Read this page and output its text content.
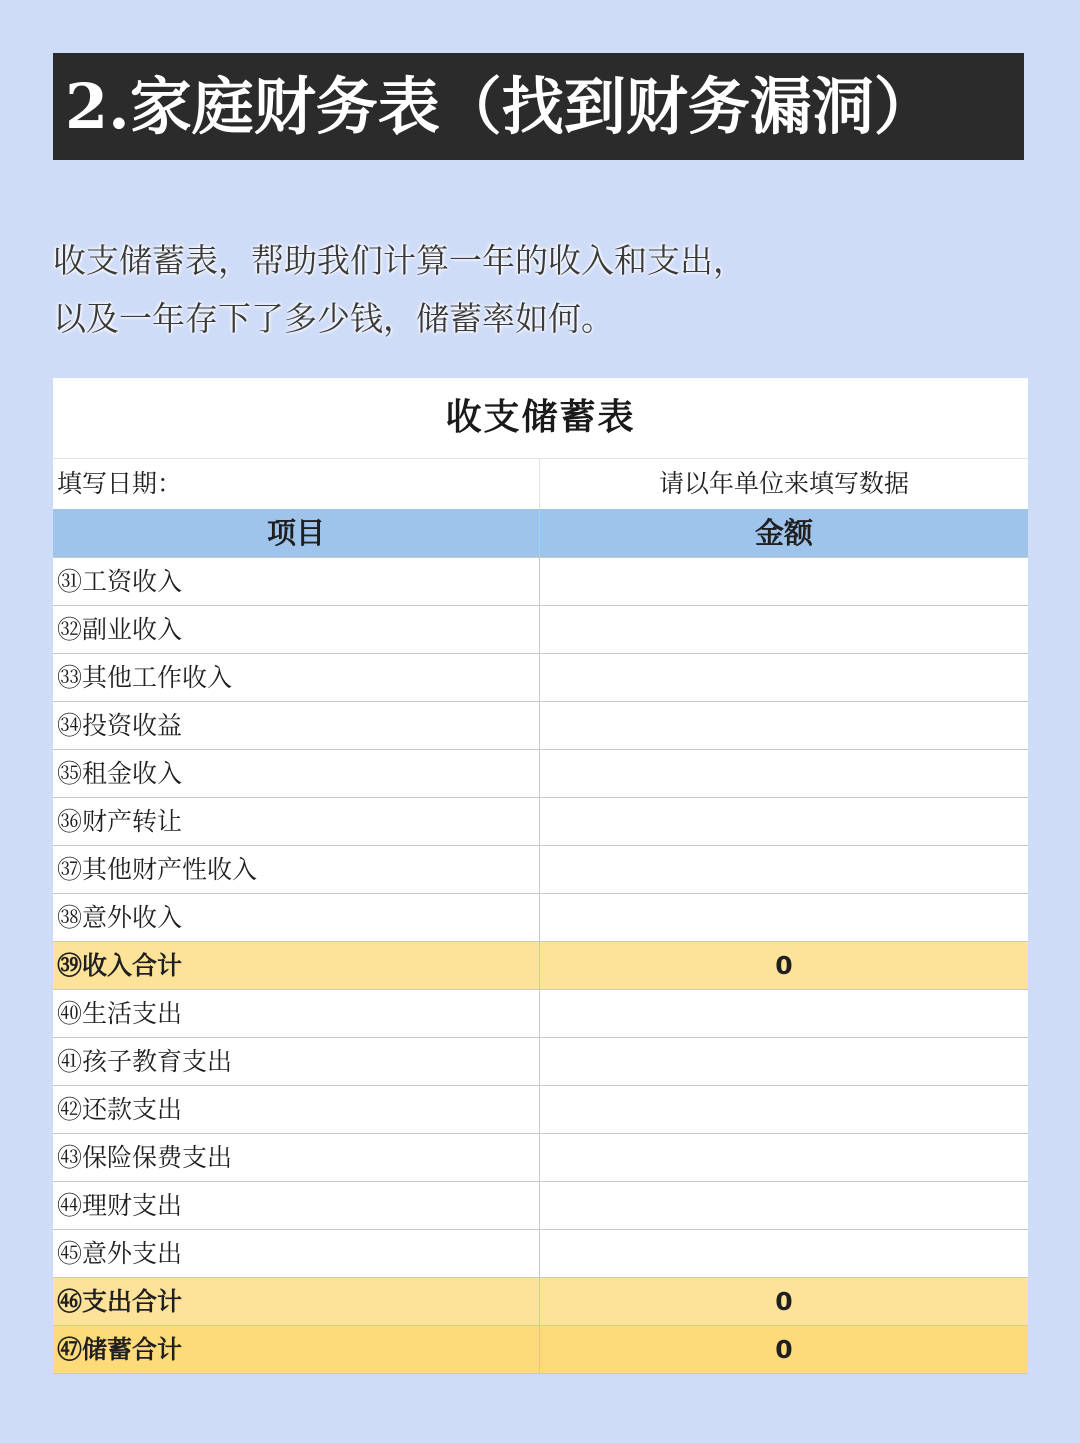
2.家庭财务表（找到财务漏洞）
收支储蓄表，帮助我们计算一年的收入和支出，
以及一年存下了多少钱，储蓄率如何。
收支储蓄表
填写日期：	请以年单位来填写数据
项目	金额
㉛工资收入
㉜副业收入
㉝其他工作收入
㉞投资收益
㉟租金收入
㊱财产转让
㊲其他财产性收入
㊳意外收入
㊴收入合计	0
㊵生活支出
㊶孩子教育支出
㊷还款支出
㊸保险保费支出
㊹理财支出
㊺意外支出
㊻支出合计	0
㊼储蓄合计	0
